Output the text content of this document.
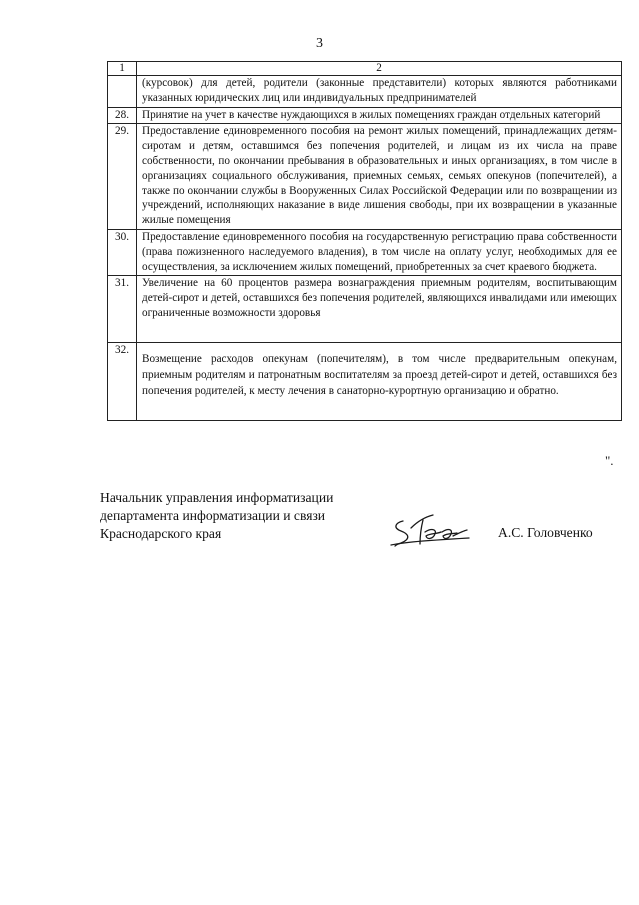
3
1	2
	(курсовок) для детей, родители (законные представители) которых являются работниками указанных юридических лиц или индивидуальных предпринимателей
28.	Принятие на учет в качестве нуждающихся в жилых помещениях граждан отдельных категорий
29.	Предоставление единовременного пособия на ремонт жилых помещений, принадлежащих детям-сиротам и детям, оставшимся без попечения родителей, и лицам из их числа на праве собственности, по окончании пребывания в образовательных и иных организациях, в том числе в организациях социального обслуживания, приемных семьях, семьях опекунов (попечителей), а также по окончании службы в Вооруженных Силах Российской Федерации или по возвращении из учреждений, исполняющих наказание в виде лишения свободы, при их возвращении в указанные жилые помещения
30.	Предоставление единовременного пособия на государственную регистрацию права собственности (права пожизненного наследуемого владения), в том числе на оплату услуг, необходимых для ее осуществления, за исключением жилых помещений, приобретенных за счет краевого бюджета.
31.	Увеличение на 60 процентов размера вознаграждения приемным родителям, воспитывающим детей-сирот и детей, оставшихся без попечения родителей, являющихся инвалидами или имеющих ограниченные возможности здоровья
32.	Возмещение расходов опекунам (попечителям), в том числе предварительным опекунам, приемным родителям и патронатным воспитателям за проезд детей-сирот и детей, оставшихся без попечения родителей, к месту лечения в санаторно-курортную организацию и обратно.
".
Начальник управления информатизации
департамента информатизации и связи
Краснодарского края	А.С. Головченко
